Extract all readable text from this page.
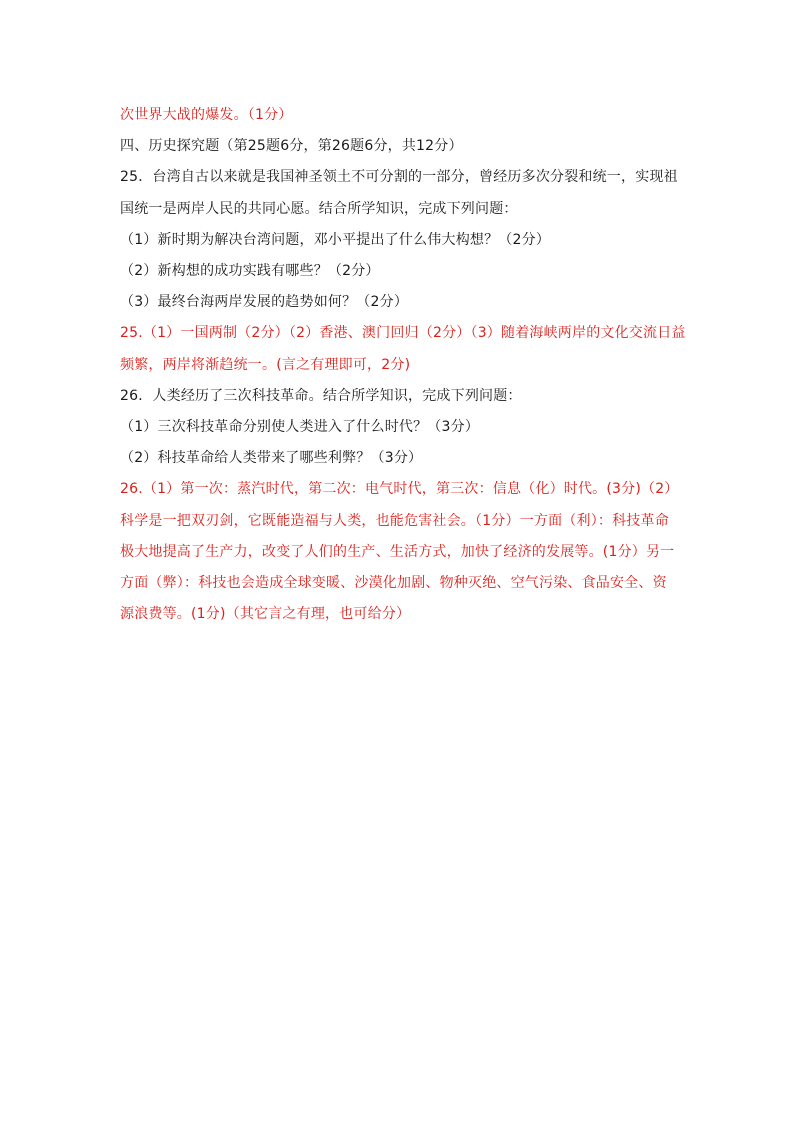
次世界大战的爆发。（1分）
四、历史探究题（第25题6分，第26题6分，共12分）
25．台湾自古以来就是我国神圣领土不可分割的一部分，曾经历多次分裂和统一，实现祖
国统一是两岸人民的共同心愿。结合所学知识，完成下列问题：
（1）新时期为解决台湾问题，邓小平提出了什么伟大构想？（2分）
（2）新构想的成功实践有哪些？（2分）
（3）最终台海两岸发展的趋势如何？（2分）
25.（1）一国两制（2分）（2）香港、澳门回归（2分）（3）随着海峡两岸的文化交流日益
频繁，两岸将渐趋统一。(言之有理即可，2分)
26．人类经历了三次科技革命。结合所学知识，完成下列问题：
（1）三次科技革命分别使人类进入了什么时代？（3分）
（2）科技革命给人类带来了哪些利弊？（3分）
26.（1）第一次：蒸汽时代，第二次：电气时代，第三次：信息（化）时代。(3分)（2）
科学是一把双刃剑，它既能造福与人类，也能危害社会。（1分）一方面（利）：科技革命
极大地提高了生产力，改变了人们的生产、生活方式，加快了经济的发展等。(1分）另一
方面（弊）：科技也会造成全球变暖、沙漠化加剧、物种灭绝、空气污染、食品安全、资
源浪费等。(1分)（其它言之有理，也可给分）
